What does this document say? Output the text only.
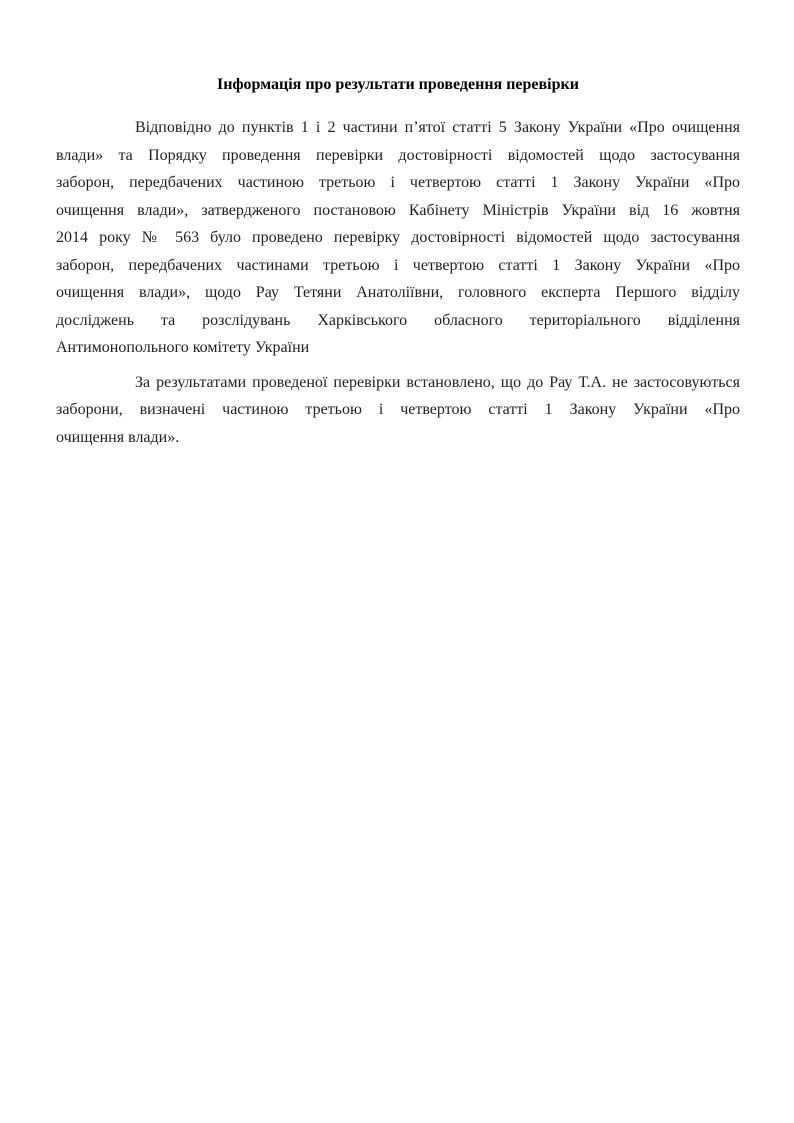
Інформація про результати проведення перевірки
Відповідно до пунктів 1 і 2 частини п’ятої статті 5 Закону України «Про очищення
влади» та Порядку проведення перевірки достовірності відомостей щодо застосування
заборон, передбачених частиною третьою і четвертою статті 1 Закону України «Про
очищення влади», затвердженого постановою Кабінету Міністрів України від 16 жовтня
2014 року № 563 було проведено перевірку достовірності відомостей щодо застосування
заборон, передбачених частинами третьою і четвертою статті 1 Закону України «Про
очищення влади», щодо Рау Тетяни Анатоліївни, головного експерта Першого відділу
досліджень та розслідувань Харківського обласного територіального відділення
Антимонопольного комітету України
За результатами проведеної перевірки встановлено, що до Рау Т.А. не застосовуються
заборони, визначені частиною третьою і четвертою статті 1 Закону України «Про
очищення влади».
